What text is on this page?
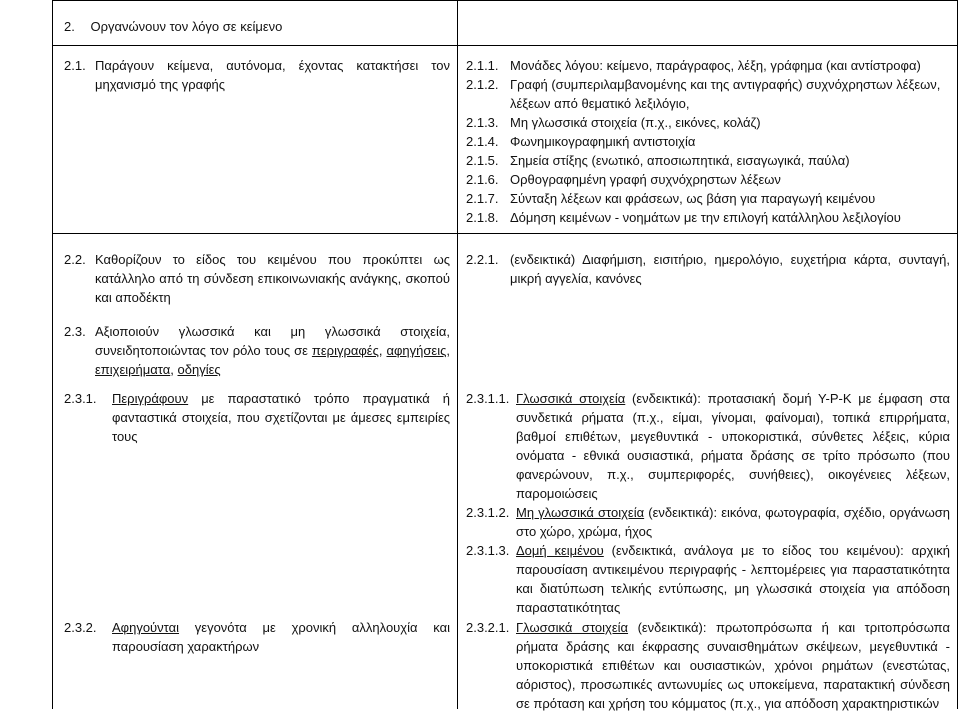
2. Οργανώνουν τον λόγο σε κείμενο
2.1. Παράγουν κείμενα, αυτόνομα, έχοντας κατακτήσει τον μηχανισμό της γραφής
2.1.1. Μονάδες λόγου: κείμενο, παράγραφος, λέξη, γράφημα (και αντίστροφα)
2.1.2. Γραφή (συμπεριλαμβανομένης και της αντιγραφής) συχνόχρηστων λέξεων, λέξεων από θεματικό λεξιλόγιο,
2.1.3. Μη γλωσσικά στοιχεία (π.χ., εικόνες, κολάζ)
2.1.4. Φωνημικογραφημική αντιστοιχία
2.1.5. Σημεία στίξης (ενωτικό, αποσιωπητικά, εισαγωγικά, παύλα)
2.1.6. Ορθογραφημένη γραφή συχνόχρηστων λέξεων
2.1.7. Σύνταξη λέξεων και φράσεων, ως βάση για παραγωγή κειμένου
2.1.8. Δόμηση κειμένων - νοημάτων με την επιλογή κατάλληλου λεξιλογίου
2.2. Καθορίζουν το είδος του κειμένου που προκύπτει ως κατάλληλο από τη σύνδεση επικοινωνιακής ανάγκης, σκοπού και αποδέκτη
2.2.1. (ενδεικτικά) Διαφήμιση, εισιτήριο, ημερολόγιο, ευχετήρια κάρτα, συνταγή, μικρή αγγελία, κανόνες
2.3. Αξιοποιούν γλωσσικά και μη γλωσσικά στοιχεία, συνειδητοποιώντας τον ρόλο τους σε περιγραφές, αφηγήσεις, επιχειρήματα, οδηγίες
2.3.1. Περιγράφουν με παραστατικό τρόπο πραγματικά ή φανταστικά στοιχεία, που σχετίζονται με άμεσες εμπειρίες τους
2.3.1.1. Γλωσσικά στοιχεία (ενδεικτικά): προτασιακή δομή Υ-Ρ-Κ με έμφαση στα συνδετικά ρήματα (π.χ., είμαι, γίνομαι, φαίνομαι), τοπικά επιρρήματα, βαθμοί επιθέτων, μεγεθυντικά - υποκοριστικά, σύνθετες λέξεις, κύρια ονόματα - εθνικά ουσιαστικά, ρήματα δράσης σε τρίτο πρόσωπο (που φανερώνουν, π.χ., συμπεριφορές, συνήθειες), οικογένειες λέξεων, παρομοιώσεις
2.3.1.2. Μη γλωσσικά στοιχεία (ενδεικτικά): εικόνα, φωτογραφία, σχέδιο, οργάνωση στο χώρο, χρώμα, ήχος
2.3.1.3. Δομή κειμένου (ενδεικτικά, ανάλογα με το είδος του κειμένου): αρχική παρουσίαση αντικειμένου περιγραφής - λεπτομέρειες για παραστατικότητα και διατύπωση τελικής εντύπωσης, μη γλωσσικά στοιχεία για απόδοση παραστατικότητας
2.3.2. Αφηγούνται γεγονότα με χρονική αλληλουχία και παρουσίαση χαρακτήρων
2.3.2.1. Γλωσσικά στοιχεία (ενδεικτικά): πρωτοπρόσωπα ή και τριτοπρόσωπα ρήματα δράσης και έκφρασης συναισθημάτων σκέψεων, μεγεθυντικά - υποκοριστικά επιθέτων και ουσιαστικών, χρόνοι ρημάτων (ενεστώτας, αόριστος), προσωπικές αντωνυμίες ως υποκείμενα, παρατακτική σύνδεση σε πρόταση και χρήση του κόμματος (π.χ., για απόδοση χαρακτηριστικών
